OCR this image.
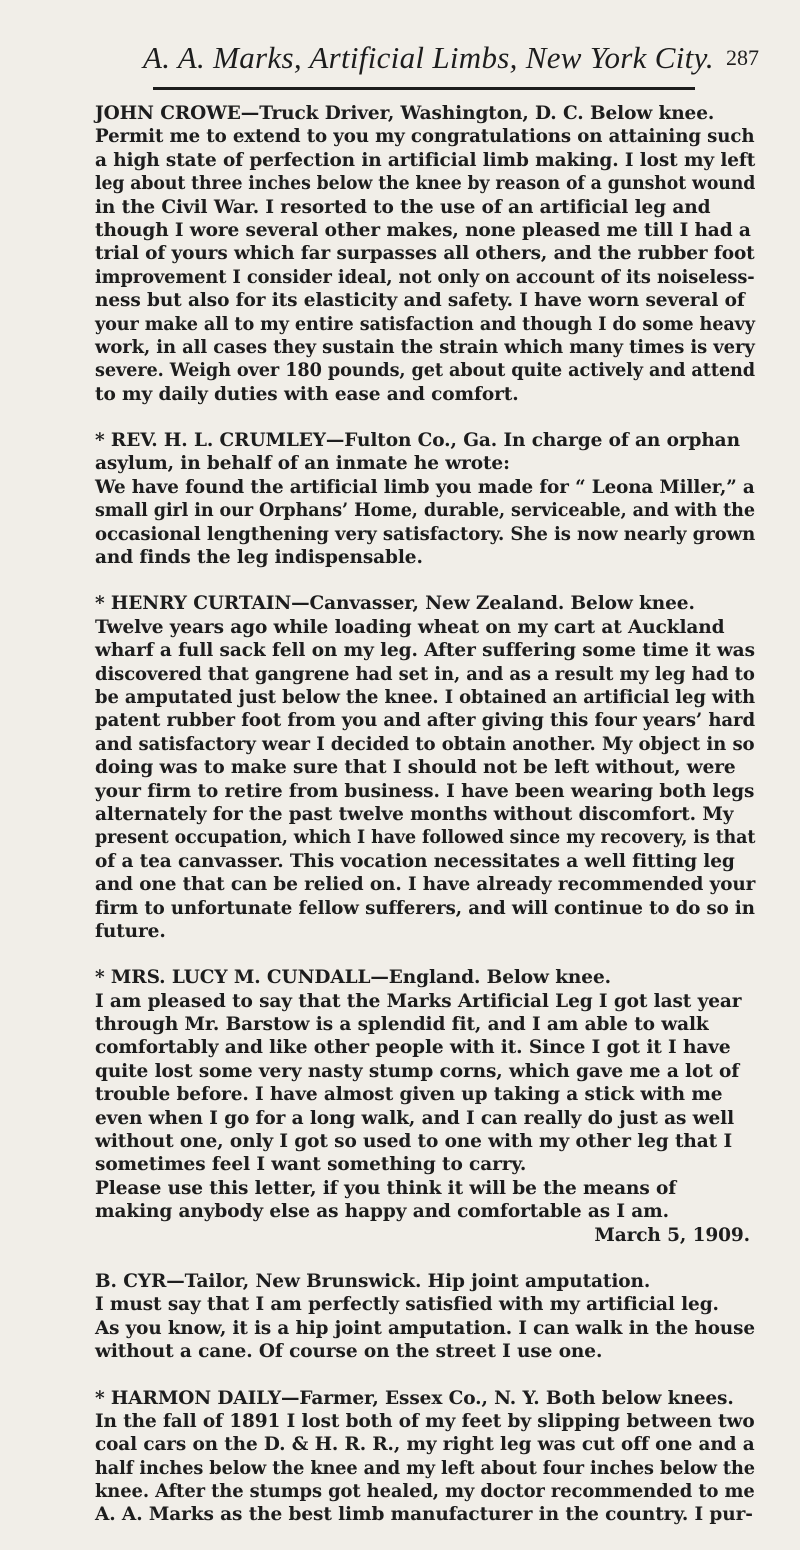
A. A. Marks, Artificial Limbs, New York City. 287
JOHN CROWE—Truck Driver, Washington, D. C. Below knee.
Permit me to extend to you my congratulations on attaining such
a high state of perfection in artificial limb making. I lost my left
leg about three inches below the knee by reason of a gunshot wound
in the Civil War. I resorted to the use of an artificial leg and
though I wore several other makes, none pleased me till I had a
trial of yours which far surpasses all others, and the rubber foot
improvement I consider ideal, not only on account of its noiseless-
ness but also for its elasticity and safety. I have worn several of
your make all to my entire satisfaction and though I do some heavy
work, in all cases they sustain the strain which many times is very
severe. Weigh over 180 pounds, get about quite actively and attend
to my daily duties with ease and comfort.
* REV. H. L. CRUMLEY—Fulton Co., Ga. In charge of an orphan
asylum, in behalf of an inmate he wrote:
We have found the artificial limb you made for “ Leona Miller,” a
small girl in our Orphans’ Home, durable, serviceable, and with the
occasional lengthening very satisfactory. She is now nearly grown
and finds the leg indispensable.
* HENRY CURTAIN—Canvasser, New Zealand. Below knee.
Twelve years ago while loading wheat on my cart at Auckland
wharf a full sack fell on my leg. After suffering some time it was
discovered that gangrene had set in, and as a result my leg had to
be amputated just below the knee. I obtained an artificial leg with
patent rubber foot from you and after giving this four years’ hard
and satisfactory wear I decided to obtain another. My object in so
doing was to make sure that I should not be left without, were
your firm to retire from business. I have been wearing both legs
alternately for the past twelve months without discomfort. My
present occupation, which I have followed since my recovery, is that
of a tea canvasser. This vocation necessitates a well fitting leg
and one that can be relied on. I have already recommended your
firm to unfortunate fellow sufferers, and will continue to do so in
future.
* MRS. LUCY M. CUNDALL—England. Below knee.
I am pleased to say that the Marks Artificial Leg I got last year
through Mr. Barstow is a splendid fit, and I am able to walk
comfortably and like other people with it. Since I got it I have
quite lost some very nasty stump corns, which gave me a lot of
trouble before. I have almost given up taking a stick with me
even when I go for a long walk, and I can really do just as well
without one, only I got so used to one with my other leg that I
sometimes feel I want something to carry.
Please use this letter, if you think it will be the means of
making anybody else as happy and comfortable as I am.
March 5, 1909.
B. CYR—Tailor, New Brunswick. Hip joint amputation.
I must say that I am perfectly satisfied with my artificial leg.
As you know, it is a hip joint amputation. I can walk in the house
without a cane. Of course on the street I use one.
* HARMON DAILY—Farmer, Essex Co., N. Y. Both below knees.
In the fall of 1891 I lost both of my feet by slipping between two
coal cars on the D. & H. R. R., my right leg was cut off one and a
half inches below the knee and my left about four inches below the
knee. After the stumps got healed, my doctor recommended to me
A. A. Marks as the best limb manufacturer in the country. I pur-
